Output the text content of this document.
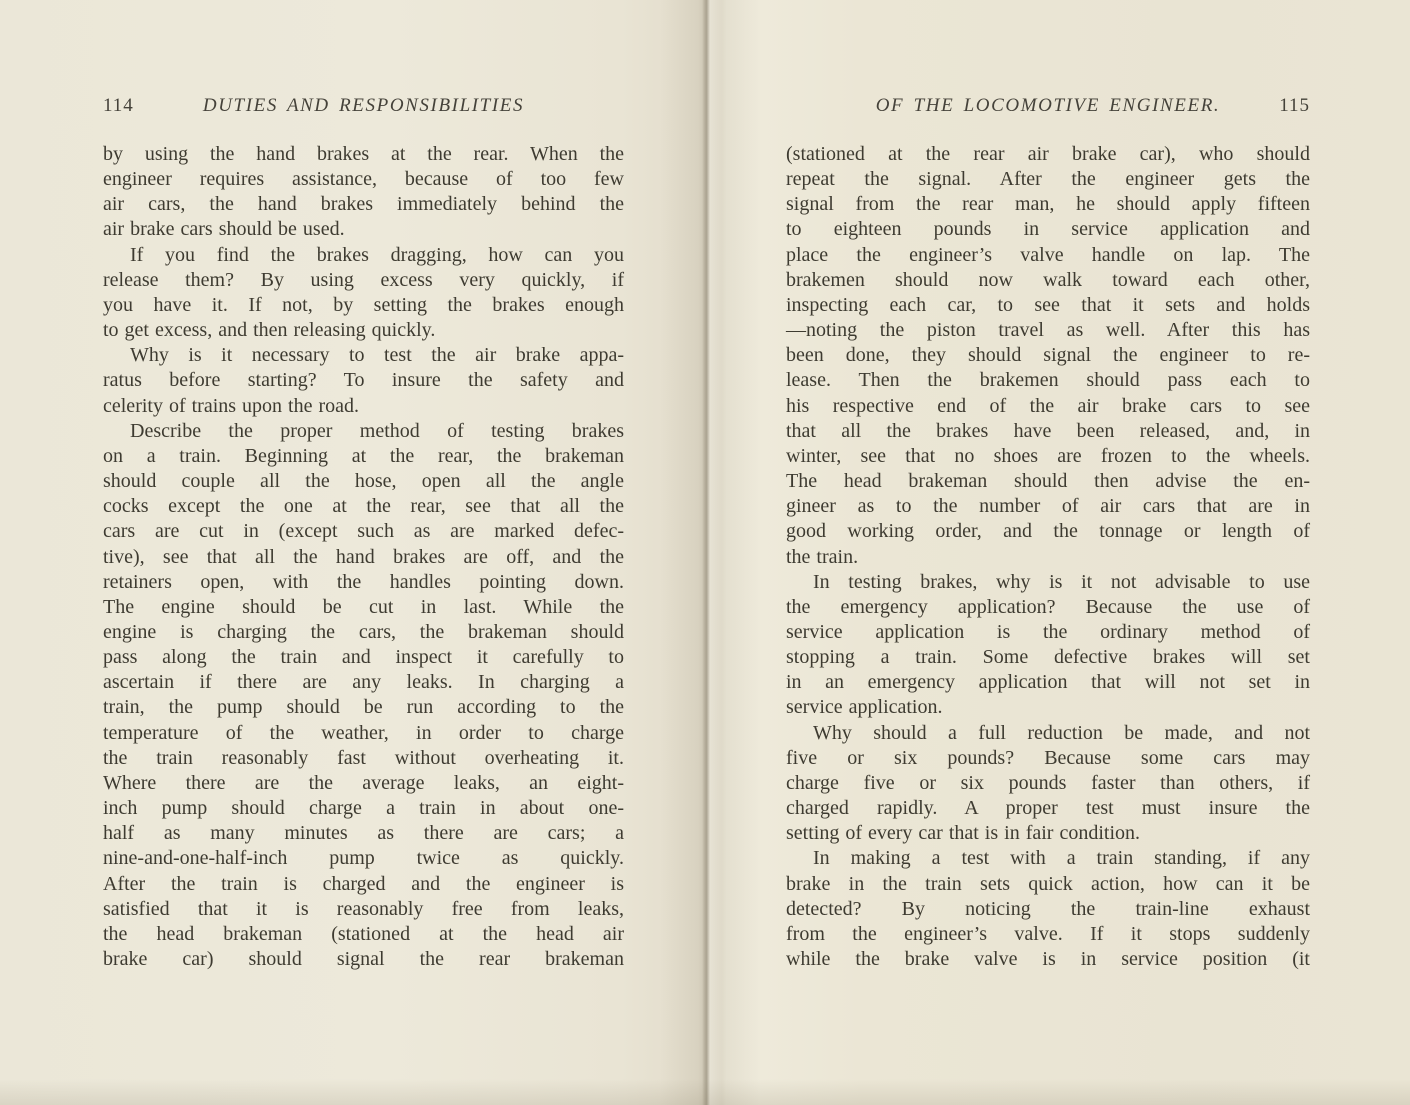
114	DUTIES AND RESPONSIBILITIES
by using the hand brakes at the rear. When the
engineer requires assistance, because of too few
air cars, the hand brakes immediately behind the
air brake cars should be used.
If you find the brakes dragging, how can you
release them? By using excess very quickly, if
you have it. If not, by setting the brakes enough
to get excess, and then releasing quickly.
Why is it necessary to test the air brake appa-
ratus before starting? To insure the safety and
celerity of trains upon the road.
Describe the proper method of testing brakes
on a train. Beginning at the rear, the brakeman
should couple all the hose, open all the angle
cocks except the one at the rear, see that all the
cars are cut in (except such as are marked defec-
tive), see that all the hand brakes are off, and the
retainers open, with the handles pointing down.
The engine should be cut in last. While the
engine is charging the cars, the brakeman should
pass along the train and inspect it carefully to
ascertain if there are any leaks. In charging a
train, the pump should be run according to the
temperature of the weather, in order to charge
the train reasonably fast without overheating it.
Where there are the average leaks, an eight-
inch pump should charge a train in about one-
half as many minutes as there are cars; a
nine-and-one-half-inch pump twice as quickly.
After the train is charged and the engineer is
satisfied that it is reasonably free from leaks,
the head brakeman (stationed at the head air
brake car) should signal the rear brakeman
OF THE LOCOMOTIVE ENGINEER.	115
(stationed at the rear air brake car), who should
repeat the signal. After the engineer gets the
signal from the rear man, he should apply fifteen
to eighteen pounds in service application and
place the engineer’s valve handle on lap. The
brakemen should now walk toward each other,
inspecting each car, to see that it sets and holds
—noting the piston travel as well. After this has
been done, they should signal the engineer to re-
lease. Then the brakemen should pass each to
his respective end of the air brake cars to see
that all the brakes have been released, and, in
winter, see that no shoes are frozen to the wheels.
The head brakeman should then advise the en-
gineer as to the number of air cars that are in
good working order, and the tonnage or length of
the train.
In testing brakes, why is it not advisable to use
the emergency application? Because the use of
service application is the ordinary method of
stopping a train. Some defective brakes will set
in an emergency application that will not set in
service application.
Why should a full reduction be made, and not
five or six pounds? Because some cars may
charge five or six pounds faster than others, if
charged rapidly. A proper test must insure the
setting of every car that is in fair condition.
In making a test with a train standing, if any
brake in the train sets quick action, how can it be
detected? By noticing the train-line exhaust
from the engineer’s valve. If it stops suddenly
while the brake valve is in service position (it
